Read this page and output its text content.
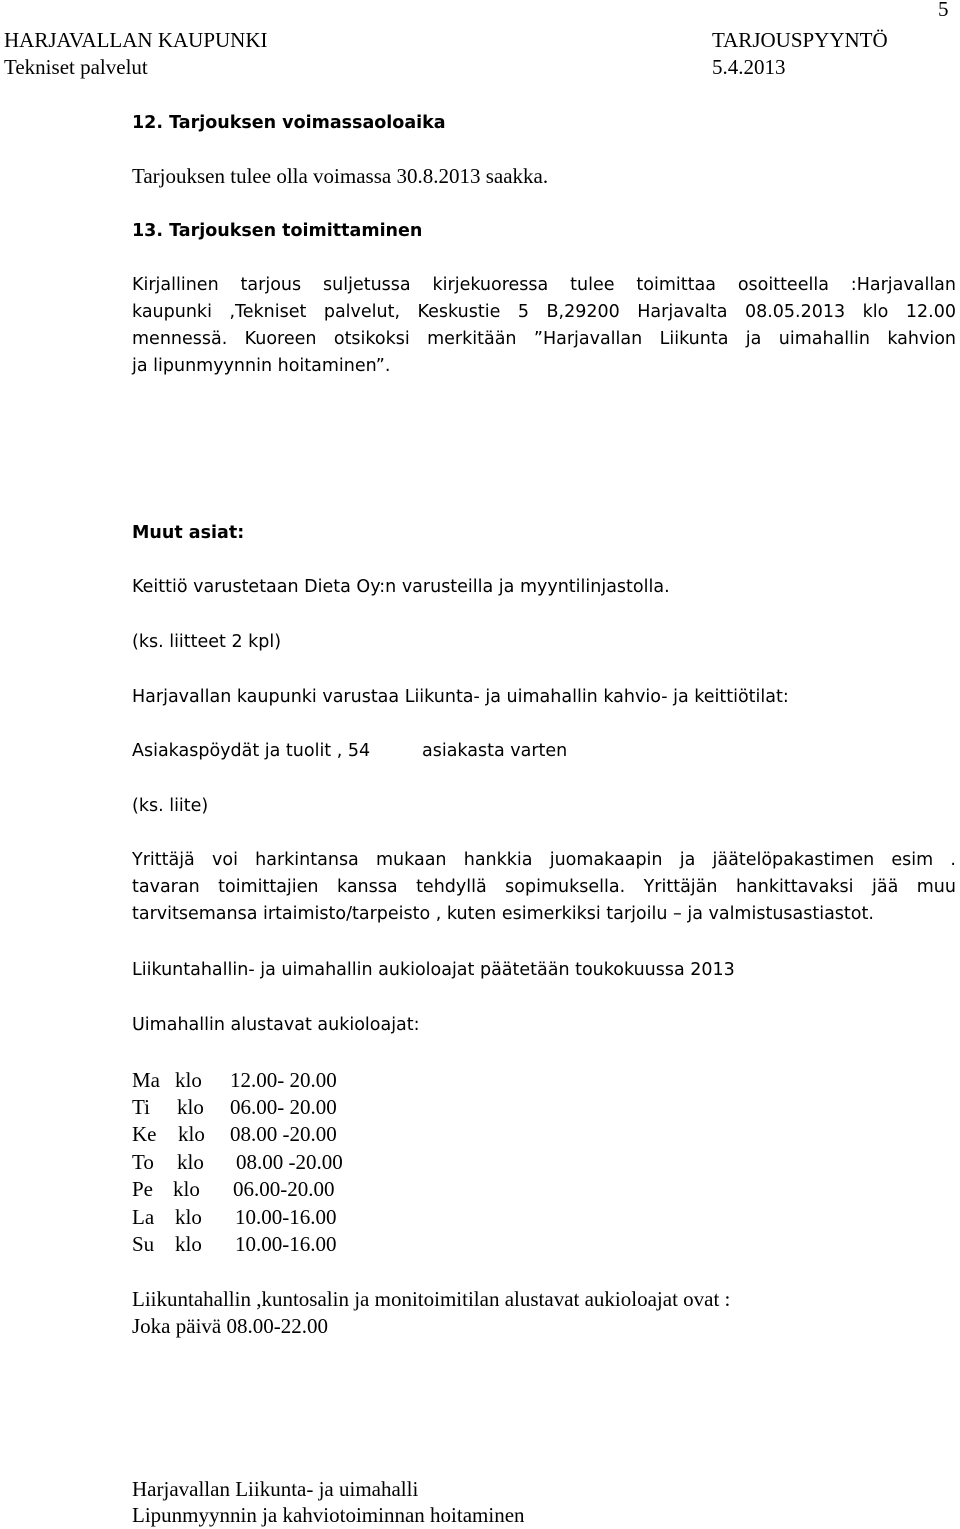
5
HARJAVALLAN KAUPUNKI
Tekniset palvelut
TARJOUSPYYNTÖ
5.4.2013
12. Tarjouksen voimassaoloaika
Tarjouksen tulee olla voimassa 30.8.2013 saakka.
13. Tarjouksen toimittaminen
Kirjallinen tarjous suljetussa kirjekuoressa tulee toimittaa osoitteella :Harjavallan
kaupunki ,Tekniset palvelut, Keskustie 5 B,29200 Harjavalta 08.05.2013 klo 12.00
mennessä. Kuoreen otsikoksi merkitään ”Harjavallan Liikunta ja uimahallin kahvion
ja lipunmyynnin hoitaminen”.
Muut asiat:
Keittiö varustetaan Dieta Oy:n varusteilla ja myyntilinjastolla.
(ks. liitteet 2 kpl)
Harjavallan kaupunki varustaa Liikunta- ja uimahallin kahvio- ja keittiötilat:
Asiakaspöydät ja tuolit , 54	asiakasta varten
(ks. liite)
Yrittäjä voi harkintansa mukaan hankkia juomakaapin ja jäätelöpakastimen esim .
tavaran toimittajien kanssa tehdyllä sopimuksella. Yrittäjän hankittavaksi jää muu
tarvitsemansa irtaimisto/tarpeisto , kuten esimerkiksi tarjoilu – ja valmistusastiastot.
Liikuntahallin- ja uimahallin aukioloajat päätetään toukokuussa 2013
Uimahallin alustavat aukioloajat:

Ma

klo

12.00- 20.00

Ti

klo

06.00- 20.00

Ke

klo

08.00 -20.00

To

klo

08.00 -20.00

Pe

klo

06.00-20.00

La

klo

10.00-16.00

Su

klo

10.00-16.00

Liikuntahallin ,kuntosalin ja monitoimitilan alustavat aukioloajat ovat :
Joka päivä 08.00-22.00
Harjavallan Liikunta- ja uimahalli
Lipunmyynnin ja kahviotoiminnan hoitaminen
